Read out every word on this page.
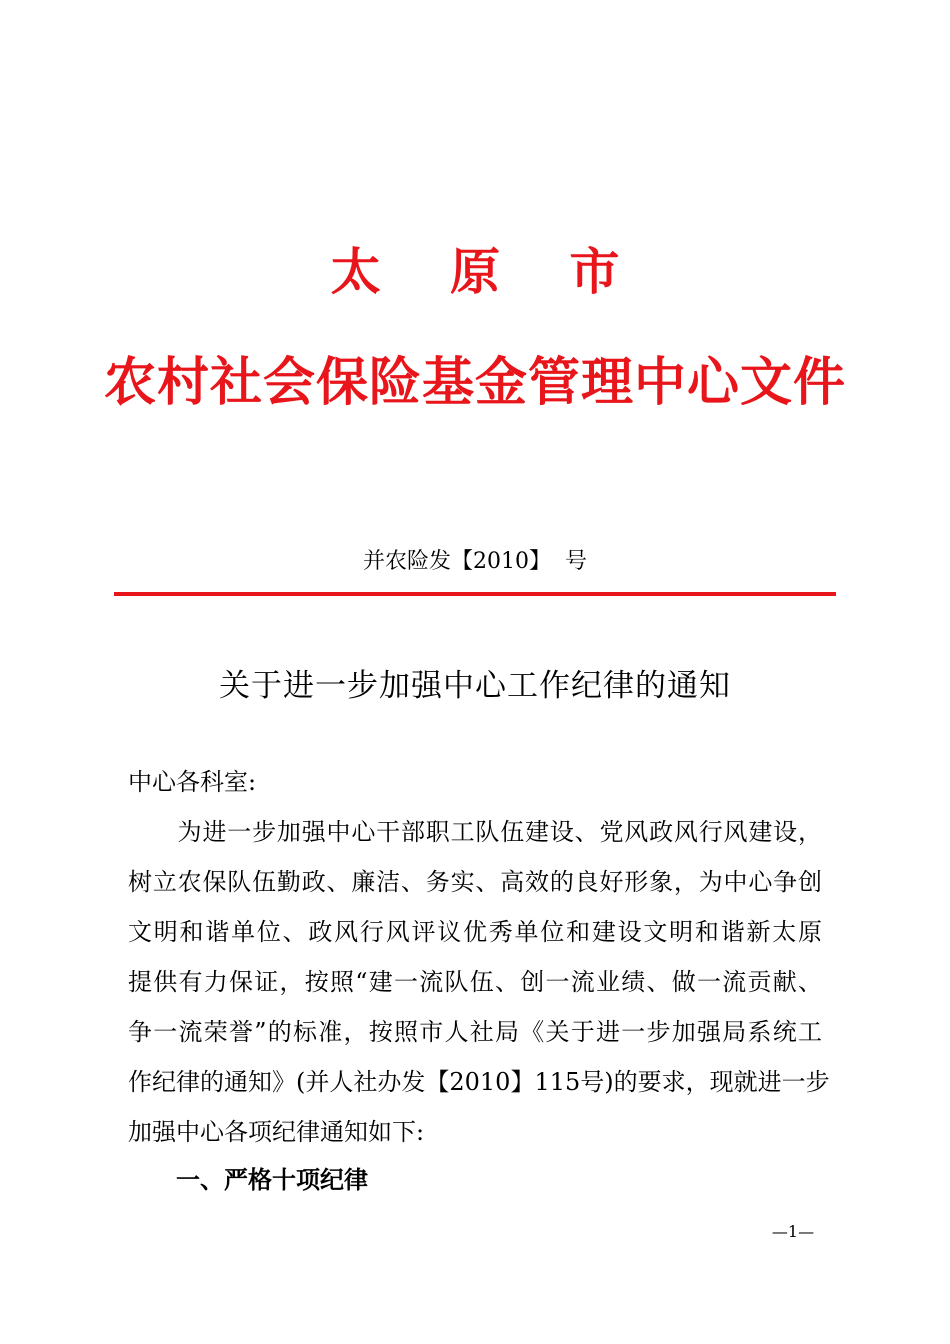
太 原 市
农村社会保险基金管理中心文件
并农险发【2010】  号
关于进一步加强中心工作纪律的通知
中心各科室:
　　为进一步加强中心干部职工队伍建设、党风政风行风建设，
树立农保队伍勤政、廉洁、务实、高效的良好形象，为中心争创
文明和谐单位、政风行风评议优秀单位和建设文明和谐新太原
提供有力保证，按照“建一流队伍、创一流业绩、做一流贡献、
争一流荣誉”的标准，按照市人社局《关于进一步加强局系统工
作纪律的通知》(并人社办发【2010】115号)的要求，现就进一步
加强中心各项纪律通知如下:
一、严格十项纪律
—1—
